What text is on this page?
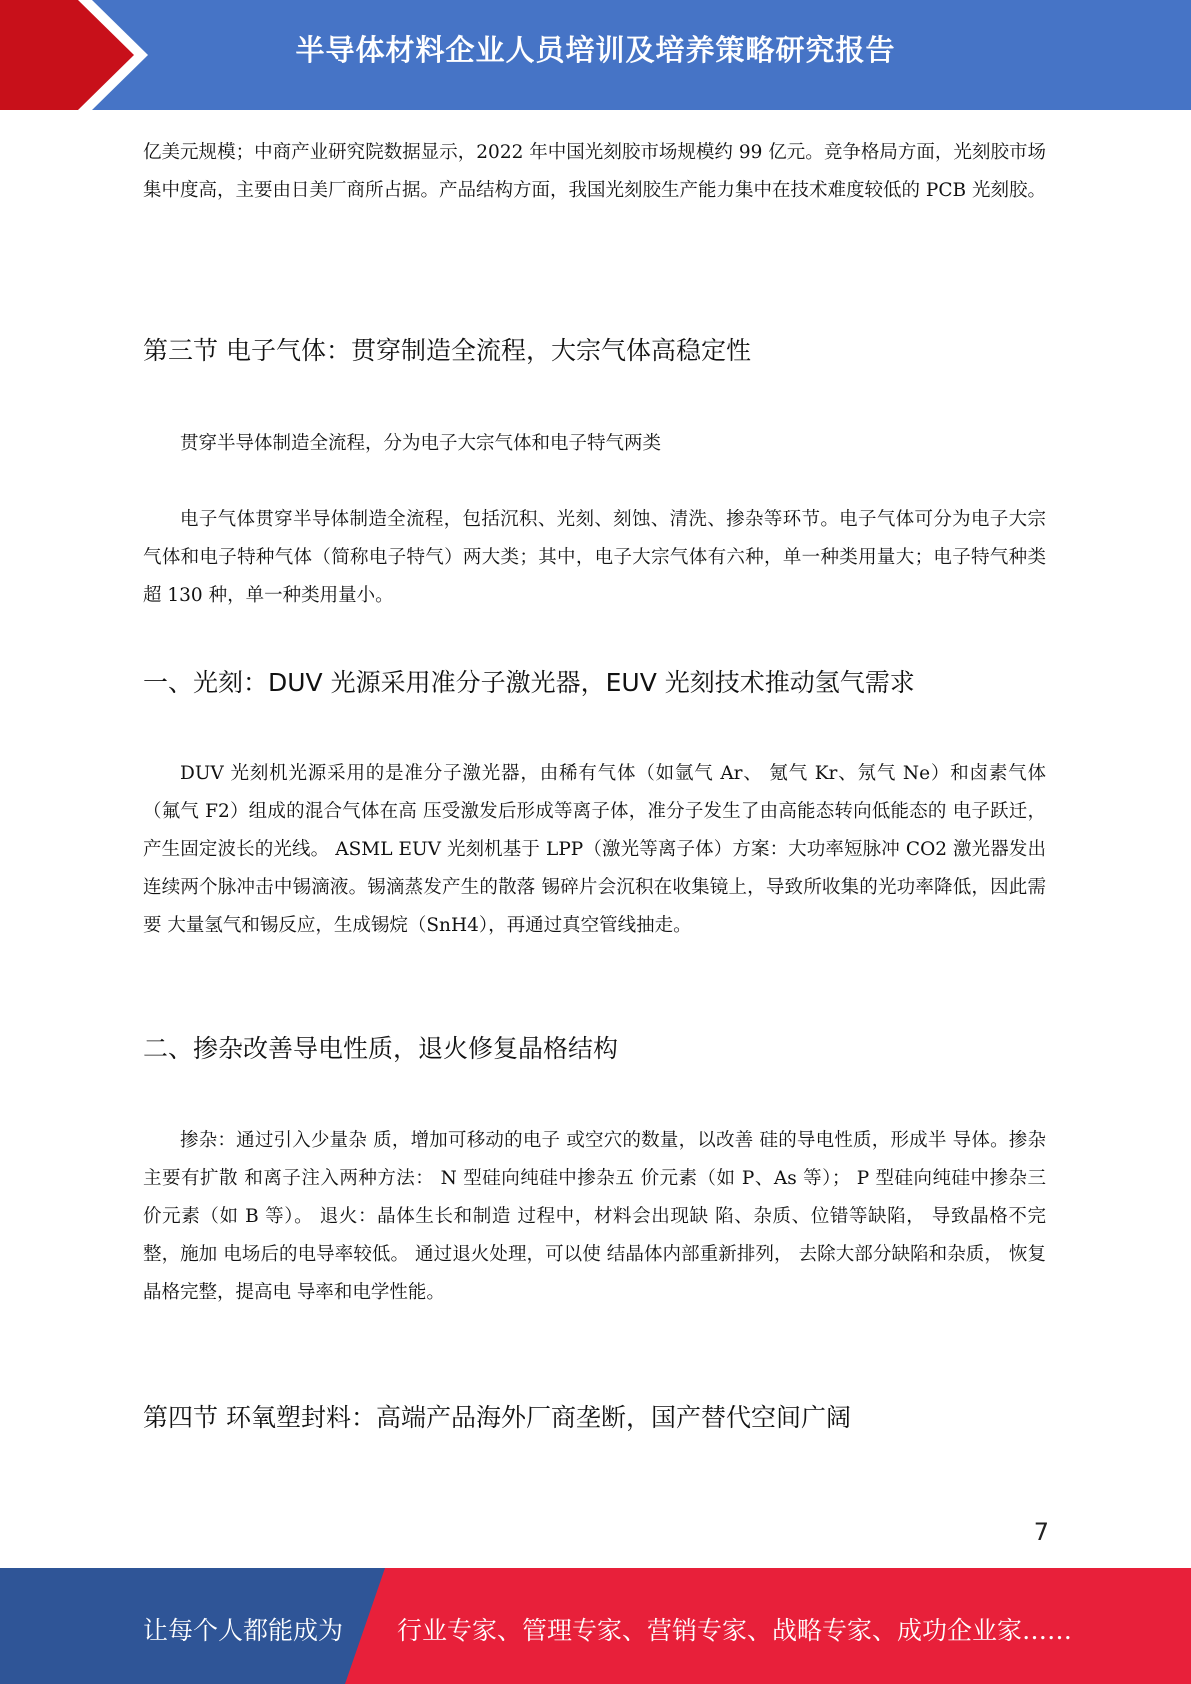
半导体材料企业人员培训及培养策略研究报告
亿美元规模；中商产业研究院数据显示，2022 年中国光刻胶市场规模约 99 亿元。竞争格局方面，光刻胶市场集中度高，主要由日美厂商所占据。产品结构方面，我国光刻胶生产能力集中在技术难度较低的 PCB 光刻胶。
第三节 电子气体：贯穿制造全流程，大宗气体高稳定性
贯穿半导体制造全流程，分为电子大宗气体和电子特气两类
电子气体贯穿半导体制造全流程，包括沉积、光刻、刻蚀、清洗、掺杂等环节。电子气体可分为电子大宗气体和电子特种气体（简称电子特气）两大类；其中，电子大宗气体有六种，单一种类用量大；电子特气种类超 130 种，单一种类用量小。
一、光刻：DUV 光源采用准分子激光器，EUV 光刻技术推动氢气需求
DUV 光刻机光源采用的是准分子激光器，由稀有气体（如氩气 Ar、 氪气 Kr、氖气 Ne）和卤素气体（氟气 F2）组成的混合气体在高 压受激发后形成等离子体，准分子发生了由高能态转向低能态的 电子跃迁，产生固定波长的光线。 ASML EUV 光刻机基于 LPP（激光等离子体）方案：大功率短脉冲 CO2 激光器发出连续两个脉冲击中锡滴液。锡滴蒸发产生的散落 锡碎片会沉积在收集镜上，导致所收集的光功率降低，因此需要 大量氢气和锡反应，生成锡烷（SnH4），再通过真空管线抽走。
二、掺杂改善导电性质，退火修复晶格结构
掺杂：通过引入少量杂 质，增加可移动的电子 或空穴的数量，以改善 硅的导电性质，形成半 导体。掺杂主要有扩散 和离子注入两种方法： N 型硅向纯硅中掺杂五 价元素（如 P、As 等）； P 型硅向纯硅中掺杂三 价元素（如 B 等）。 退火：晶体生长和制造 过程中，材料会出现缺 陷、杂质、位错等缺陷， 导致晶格不完整，施加 电场后的电导率较低。 通过退火处理，可以使 结晶体内部重新排列， 去除大部分缺陷和杂质， 恢复晶格完整，提高电 导率和电学性能。
第四节 环氧塑封料：高端产品海外厂商垄断，国产替代空间广阔
7
让每个人都能成为 行业专家、管理专家、营销专家、战略专家、成功企业家……
